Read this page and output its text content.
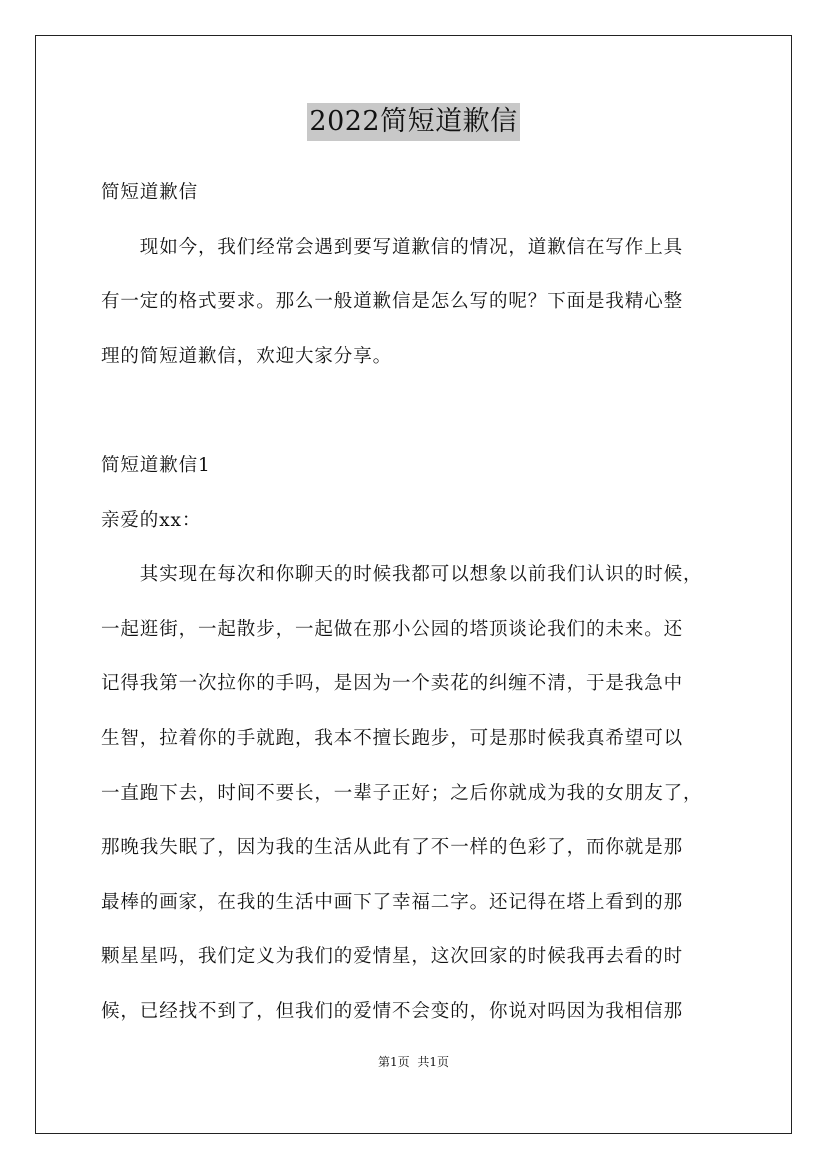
2022简短道歉信
简短道歉信
　　现如今，我们经常会遇到要写道歉信的情况，道歉信在写作上具
有一定的格式要求。那么一般道歉信是怎么写的呢？下面是我精心整
理的简短道歉信，欢迎大家分享。
简短道歉信1
亲爱的xx：
　　其实现在每次和你聊天的时候我都可以想象以前我们认识的时候，
一起逛街，一起散步，一起做在那小公园的塔顶谈论我们的未来。还
记得我第一次拉你的手吗，是因为一个卖花的纠缠不清，于是我急中
生智，拉着你的手就跑，我本不擅长跑步，可是那时候我真希望可以
一直跑下去，时间不要长，一辈子正好；之后你就成为我的女朋友了，
那晚我失眠了，因为我的生活从此有了不一样的色彩了，而你就是那
最棒的画家，在我的生活中画下了幸福二字。还记得在塔上看到的那
颗星星吗，我们定义为我们的爱情星，这次回家的时候我再去看的时
候，已经找不到了，但我们的爱情不会变的，你说对吗因为我相信那
第1页 共1页
